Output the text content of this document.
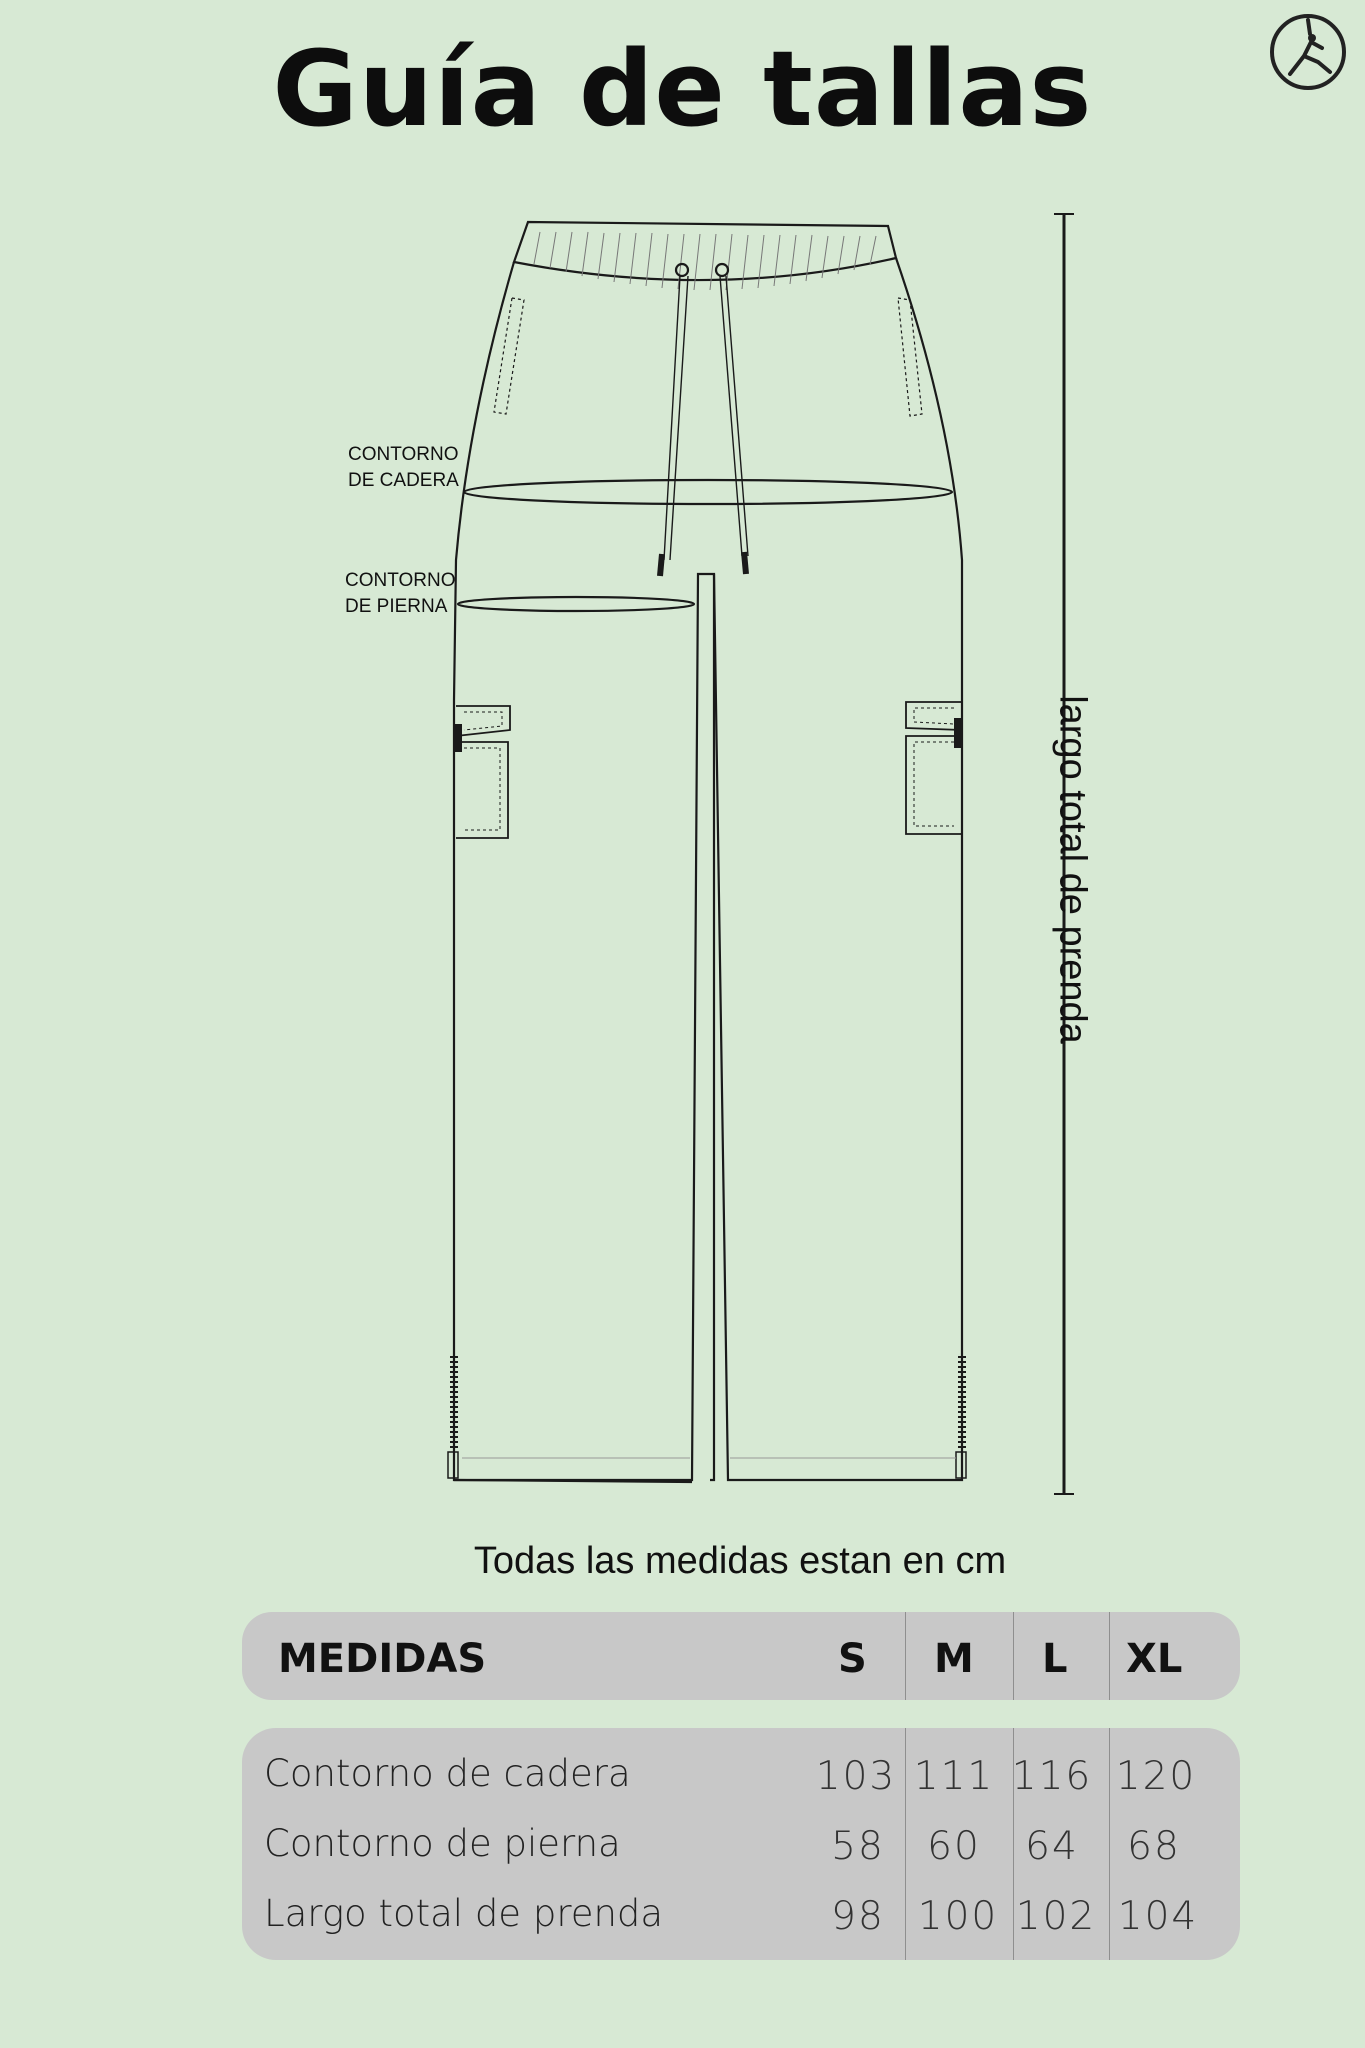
Guía de tallas
CONTORNO
DE CADERA
CONTORNO
DE PIERNA
largo total de prenda
Todas las medidas estan en cm
MEDIDAS	S M L XL
Contorno de cadera	103 111 116 120
Contorno de pierna	58	60	64	68
Largo total de prenda	98 100 102 104
